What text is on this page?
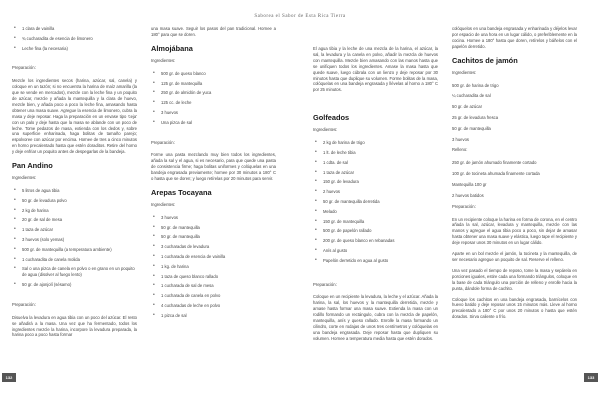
Saborea el Sabor de Esta Rica Tierra
• 1 clara de vainilla
• ¾ cucharadita de esencia de limonero
• Leche fina (la necesaria)
Preparación:

Mezcle los ingredientes secos (harina, azúcar, sal, canela) y coloque en un tazón; si no encuentra la harina de maíz amarilla (la que se vende en mercados), mezcle con la leche fina y un poquito de azúcar, mezcle y añada la mantequilla y la clara de huevo, mezcle bien, y añada poco a poco la leche fina, amasando hasta obtener una masa suave. Agregue la esencia de limonero, cubra la masa y deje reposar. Haga la preparación en un envase tipo 'ceja' con un palo y deje hasta que la masa se ablande con un poco de leche. Tome pedazos de masa, extienda con los dedos y, sobre una superficie enharinada, haga bolitas de tamaño parejo; espolvoree con azúcar por encima. Hornee de tres a cinco minutos en horno precalentado hasta que estén doraditos. Retire del horno y deje enfriar un poquito antes de despegarlas de la bandeja.

Pan Andino
Ingredientes:
• 5 litros de agua tibia
• 50 gr. de levadura polvo
• 2 kg de harina
• 20 gr. de sal de mesa
• 1 taza de azúcar
• 3 huevos (solo yemas)
• 500 gr. de mantequilla (a temperatura ambiente)
• 1 cucharadita de canela molida
• Sal o una pizca de canela en polvo o en grano en un poquito de agua (disolver al fuego lento)
• 50 gr. de ajonjolí (sésamo)
Preparación:

Disuelva la levadura en agua tibia con un poco del azúcar. El resto se añadirá a la masa. Una vez que ha fermentado, todos los ingredientes mezcle la harina, incorpore la levadura preparada, la harina poco a poco hasta formar

una masa suave. Seguir los pasos del pan tradicional. Hornee a 180° para que se doren.

Almojábana
Ingredientes:
• 500 gr. de queso blanco
• 125 gr. de mantequilla
• 250 gr. de almidón de yuca
• 125 cc. de leche
• 3 huevos
• Una pizca de sal
Preparación:

Forme una pasta mezclando muy bien todos los ingredientes, añada la sal y el agua, si es necesario, para que quede una pasta de consistencia firme; haga bolitas uniformes y colóquelas en una bandeja engrasada previamente; hornee por 30 minutos a 180° C o hasta que se doren; y luego retírelas por 20 minutos para servir.

Arepas Tocayana
Ingredientes:
• 3 huevos
• 50 gr. de mantequilla
• 50 gr. de mantequilla
• 3 cucharadas de levadura
• 1 cucharada de esencia de vainilla
• 1 kg. de harina
• 1 taza de queso blanco rallado
• 1 cucharada de sal de mesa
• 1 cucharada de canela en polvo
• 4 cucharadas de leche en polvo
• 1 pizca de sal

El agua tibia y la leche de una mezcla de la harina, el azúcar, la sal, la levadura y la canela en polvo, añadir la mezcla de huevos con mantequilla. Mezcle bien amasando con las manos hasta que se unifiquen todos los ingredientes. Amase la masa hasta que quede suave, luego cúbrala con un lienzo y deje reposar por 30 minutos hasta que duplique su volumen. Forme bolitas de la masa, colóquelas en una bandeja engrasada y llévelas al horno a 180° C por 25 minutos.

Golfeados
Ingredientes:
• 2 kg de harina de trigo
• 1 lt. de leche tibia
• 1 cdta. de sal
• 1 taza de azúcar
• 150 gr. de levadura
• 2 huevos
• 50 gr. de mantequilla derretida
• Melado
• 150 gr. de mantequilla
• 500 gr. de papelón rallado
• 200 gr. de queso blanco en rebanadas
• Anís al gusto
• Papelón derretido en agua al gusto
Preparación:

Coloque en un recipiente la levadura, la leche y el azúcar. Añada la harina, la sal, los huevos y la mantequilla derretida, mezcle y amase hasta formar una masa suave. Extienda la masa con un rodillo formando un rectángulo, cubra con la mezcla de papelón, mantequilla, anís y queso rallado. Enrolle la masa formando un cilindro, corte en rodajas de unos tres centímetros y colóquelas en una bandeja engrasada. Deje reposar hasta que dupliquen su volumen. Hornee a temperatura media hasta que estén dorados.

colóquelos en una bandeja engrasada y enharinada y déjelos levar por espacio de una hora en un lugar cálido, o preferiblemente en la cocina. Hornee a 180° hasta que doren, retírelos y báñelos con el papelón derretido.

Cachitos de jamón
Ingredientes:
500 gr. de harina de trigo
¼ cucharadita de sal
50 gr. de azúcar
25 gr. de levadura fresca
50 gr. de mantequilla
3 huevos
Relleno:
250 gr. de jamón ahumado finamente cortado
100 gr. de tocineta ahumada finamente cortada
Mantequilla 100 gr
2 huevos batidos
Preparación:

En un recipiente coloque la harina en forma de corona, en el centro añada la sal, azúcar, levadura y mantequilla, mezcle con las manos y agregue el agua tibia poco a poco, sin dejar de amasar hasta obtener una masa suave y elástica, luego tape el recipiente y deje reposar unos 30 minutos en un lugar cálido.

Aparte en un bol mezcle el jamón, la tocineta y la mantequilla, de ser necesario agregue un poquito de sal. Reserve el relleno.

Una vez pasado el tiempo de reposo, tome la masa y sepárela en porciones iguales, estire cada una formando triángulos, coloque en la base de cada triángulo una porción de relleno y enrolle hacia la punta, dándole forma de cachito.

Coloque los cachitos en una bandeja engrasada, barnícelos con huevo batido y deje reposar unos 15 minutos más. Lleve al horno precalentado a 180° C por unos 20 minutos o hasta que estén dorados. Sirva caliente o frío.

132	133
